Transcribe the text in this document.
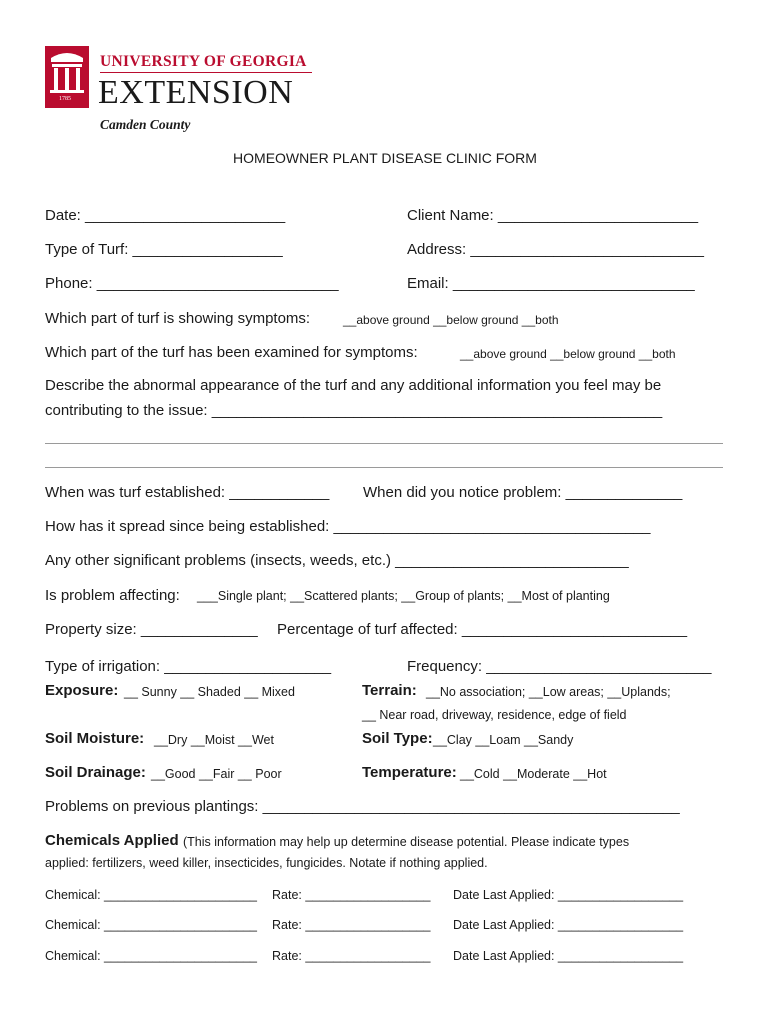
1785
UNIVERSITY OF GEORGIA
EXTENSION
Camden County
HOMEOWNER PLANT DISEASE CLINIC FORM
Date: ________________________	Client Name: ________________________
Type of Turf: __________________	Address: ____________________________
Phone: _____________________________	Email: _____________________________
Which part of turf is showing symptoms:	__above ground __below ground __both
Which part of the turf has been examined for symptoms:	__above ground __below ground __both
Describe the abnormal appearance of the turf and any additional information you feel may be
contributing to the issue: ______________________________________________________
When was turf established: ____________ When did you notice problem: ______________
How has it spread since being established: ______________________________________
Any other significant problems (insects, weeds, etc.) ____________________________
Is problem affecting: ___Single plant; __Scattered plants; __Group of plants; __Most of planting
Property size: ______________ Percentage of turf affected: ___________________________
Type of irrigation: ____________________	Frequency: ___________________________
Exposure: __ Sunny __ Shaded __ Mixed	Terrain: __No association; __Low areas; __Uplands;
__ Near road, driveway, residence, edge of field
Soil Moisture: __Dry __Moist __Wet	Soil Type: __Clay __Loam __Sandy
Soil Drainage: __Good __Fair __ Poor	Temperature: __Cold __Moderate __Hot
Problems on previous plantings: __________________________________________________
Chemicals Applied (This information may help up determine disease potential. Please indicate types
applied: fertilizers, weed killer, insecticides, fungicides. Notate if nothing applied.
Chemical: ______________________ Rate: __________________ Date Last Applied: __________________
Chemical: ______________________ Rate: __________________ Date Last Applied: __________________
Chemical: ______________________ Rate: __________________ Date Last Applied: __________________
